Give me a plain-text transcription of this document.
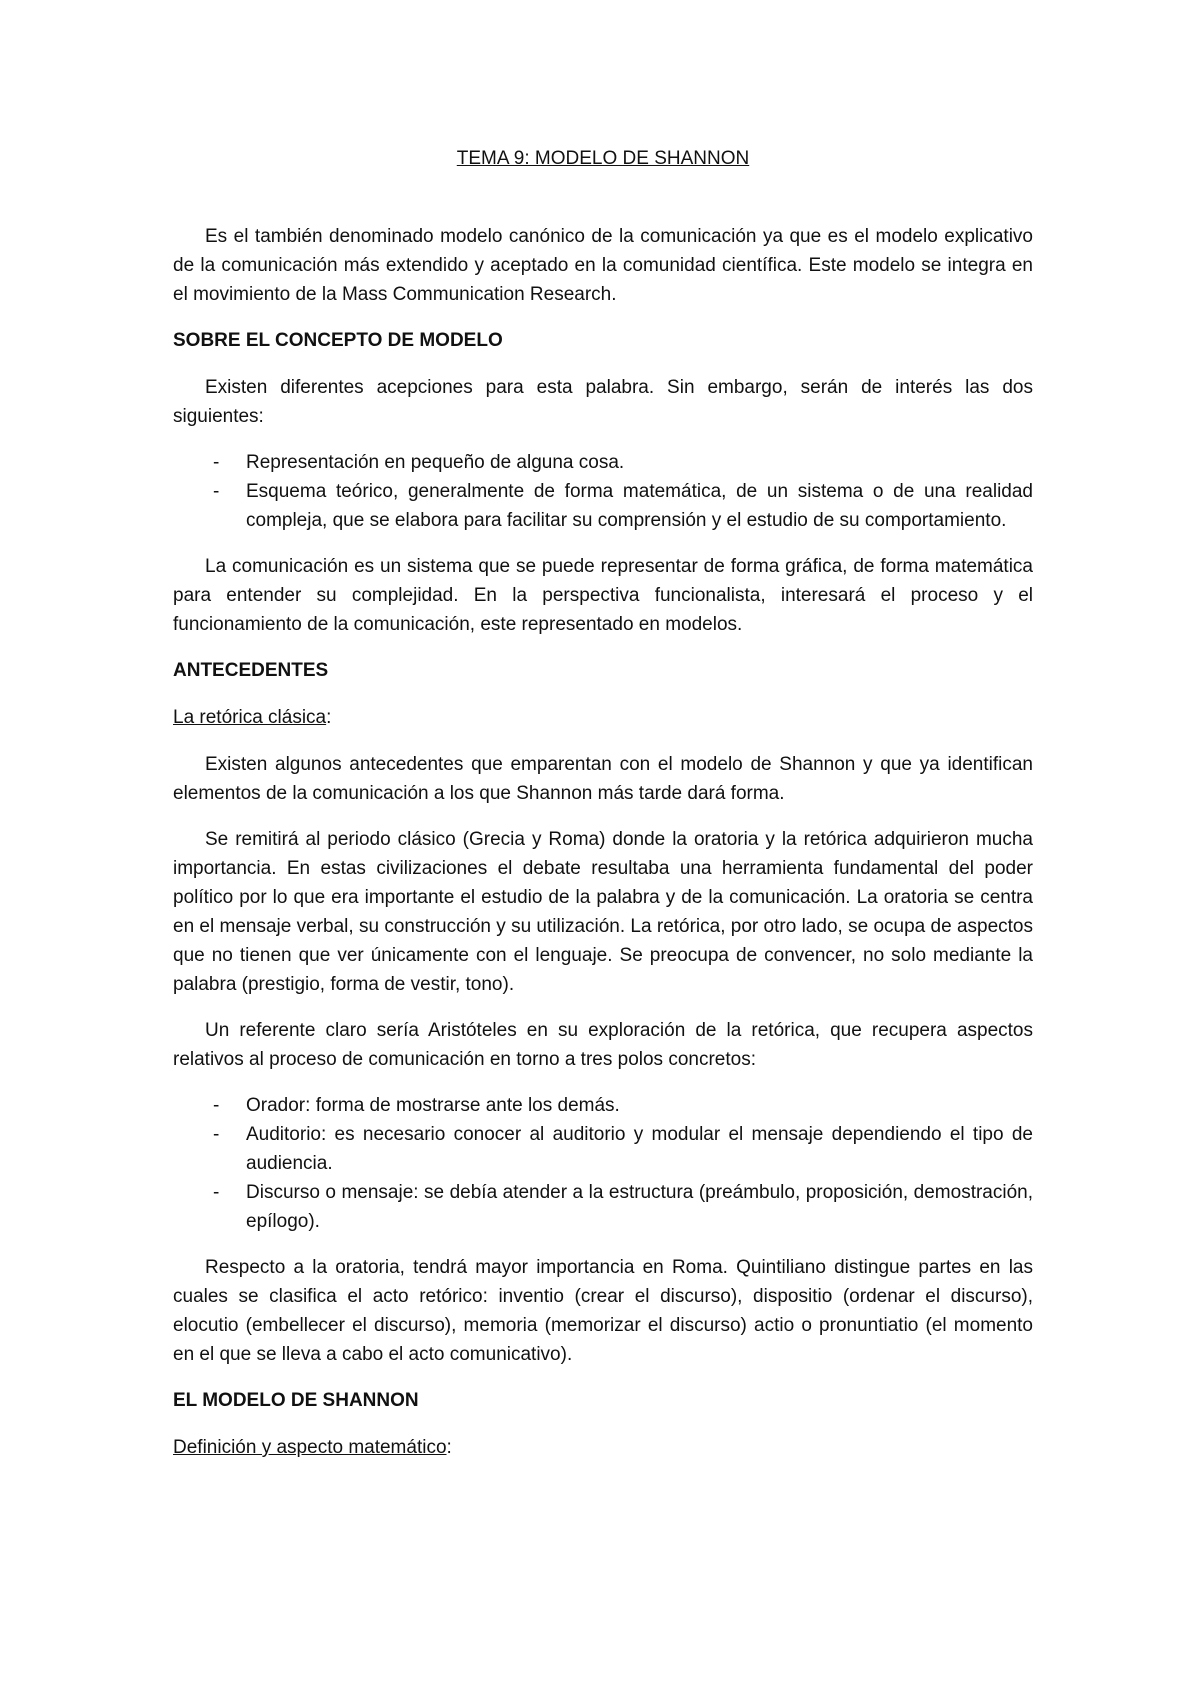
TEMA 9: MODELO DE SHANNON

Es el también denominado modelo canónico de la comunicación ya que es el modelo explicativo de la comunicación más extendido y aceptado en la comunidad científica. Este modelo se integra en el movimiento de la Mass Communication Research.

SOBRE EL CONCEPTO DE MODELO

Existen diferentes acepciones para esta palabra. Sin embargo, serán de interés las dos siguientes:

- Representación en pequeño de alguna cosa.
- Esquema teórico, generalmente de forma matemática, de un sistema o de una realidad compleja, que se elabora para facilitar su comprensión y el estudio de su comportamiento.

La comunicación es un sistema que se puede representar de forma gráfica, de forma matemática para entender su complejidad. En la perspectiva funcionalista, interesará el proceso y el funcionamiento de la comunicación, este representado en modelos.

ANTECEDENTES
La retórica clásica:

Existen algunos antecedentes que emparentan con el modelo de Shannon y que ya identifican elementos de la comunicación a los que Shannon más tarde dará forma.

Se remitirá al periodo clásico (Grecia y Roma) donde la oratoria y la retórica adquirieron mucha importancia. En estas civilizaciones el debate resultaba una herramienta fundamental del poder político por lo que era importante el estudio de la palabra y de la comunicación. La oratoria se centra en el mensaje verbal, su construcción y su utilización. La retórica, por otro lado, se ocupa de aspectos que no tienen que ver únicamente con el lenguaje. Se preocupa de convencer, no solo mediante la palabra (prestigio, forma de vestir, tono).

Un referente claro sería Aristóteles en su exploración de la retórica, que recupera aspectos relativos al proceso de comunicación en torno a tres polos concretos:

- Orador: forma de mostrarse ante los demás.
- Auditorio: es necesario conocer al auditorio y modular el mensaje dependiendo el tipo de audiencia.
- Discurso o mensaje: se debía atender a la estructura (preámbulo, proposición, demostración, epílogo).

Respecto a la oratoria, tendrá mayor importancia en Roma. Quintiliano distingue partes en las cuales se clasifica el acto retórico: inventio (crear el discurso), dispositio (ordenar el discurso), elocutio (embellecer el discurso), memoria (memorizar el discurso) actio o pronuntiatio (el momento en el que se lleva a cabo el acto comunicativo).

EL MODELO DE SHANNON
Definición y aspecto matemático:
